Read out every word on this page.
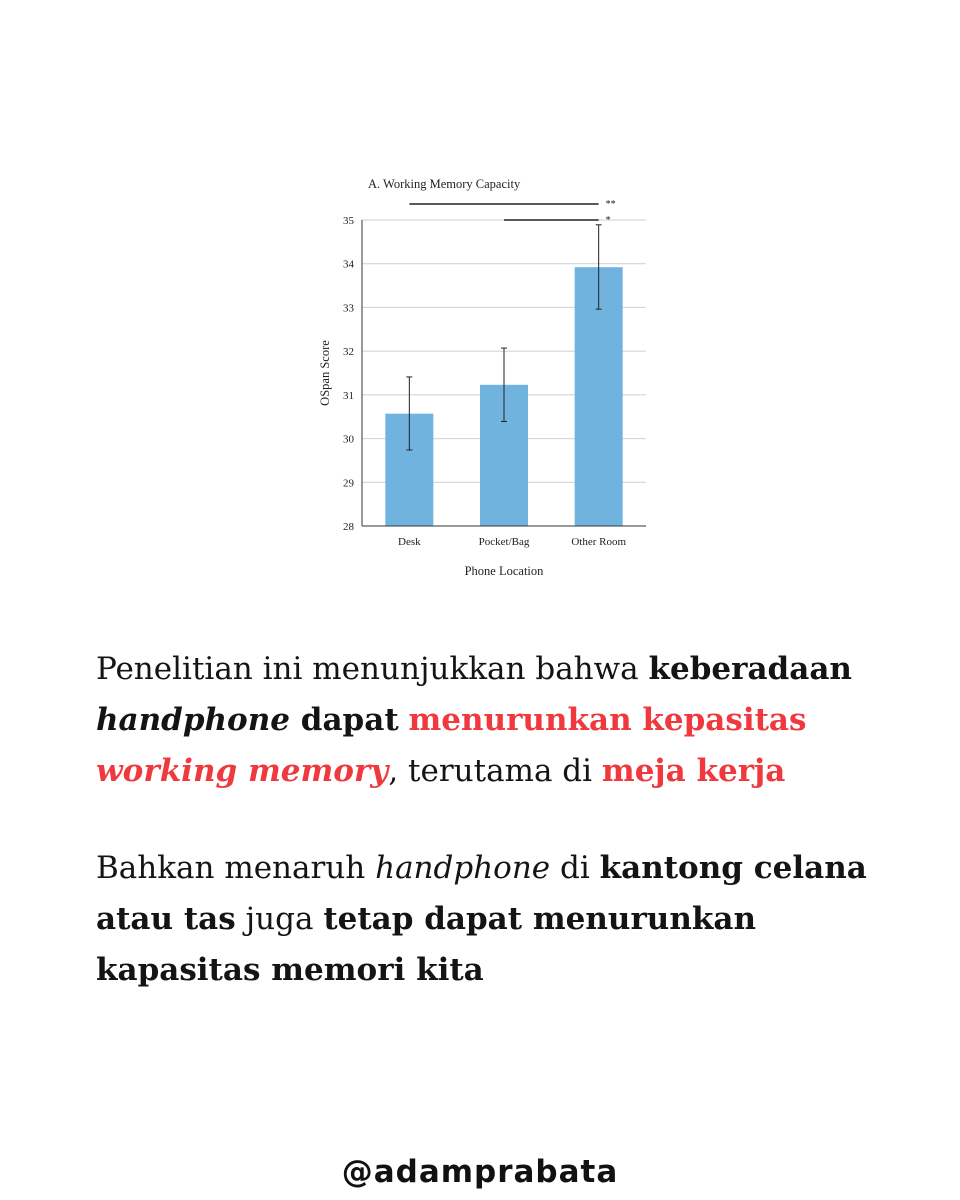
A. Working Memory Capacity
28
29
30
31
32
33
34
35
Desk	Pocket/Bag	Other Room
**
*
OSpan Score
Phone Location

Penelitian ini menunjukkan bahwa keberadaan handphone dapat menurunkan kepasitas working memory, terutama di meja kerja

Bahkan menaruh handphone di kantong celana atau tas juga tetap dapat menurunkan kapasitas memori kita

@adamprabata
